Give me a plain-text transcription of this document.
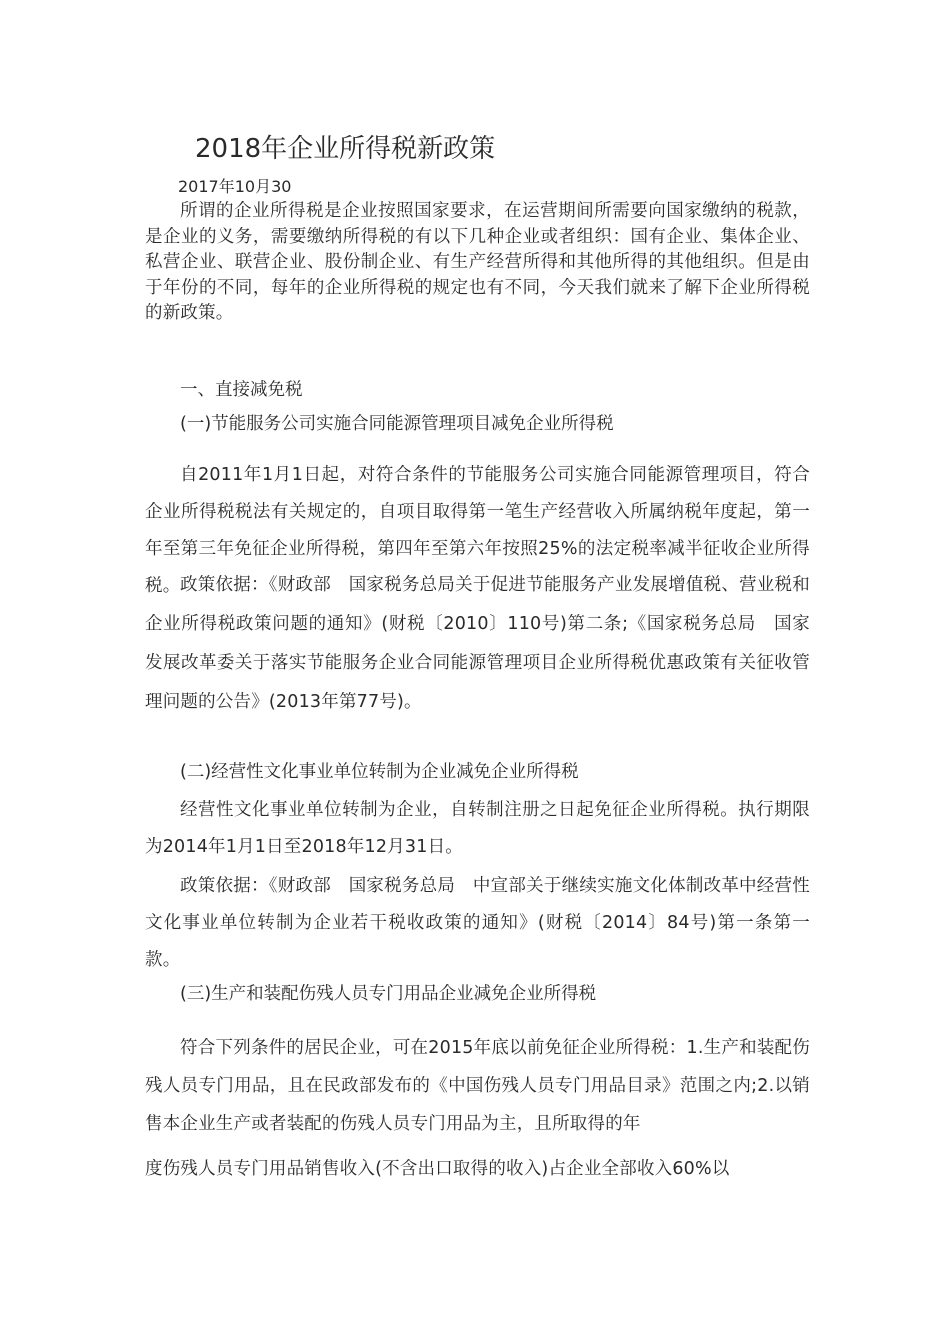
2018年企业所得税新政策
2017年10月30

所谓的企业所得税是企业按照国家要求，在运营期间所需要向国家缴纳的税款，是企业的义务，需要缴纳所得税的有以下几种企业或者组织：国有企业、集体企业、私营企业、联营企业、股份制企业、有生产经营所得和其他所得的其他组织。但是由于年份的不同，每年的企业所得税的规定也有不同，今天我们就来了解下企业所得税的新政策。

一、直接减免税

(一)节能服务公司实施合同能源管理项目减免企业所得税

自2011年1月1日起，对符合条件的节能服务公司实施合同能源管理项目，符合企业所得税税法有关规定的，自项目取得第一笔生产经营收入所属纳税年度起，第一年至第三年免征企业所得税，第四年至第六年按照25%的法定税率减半征收企业所得税。 政策依据：《财政部　国家税务总局关于促进节能服务产业发展增值税、营业税和企业所得税政策问题的通知》(财税〔2010〕110号)第二条;《国家税务总局　国家发展改革委关于落实节能服务企业合同能源管理项目企业所得税优惠政策有关征收管理问题的公告》(2013年第77号)。

(二)经营性文化事业单位转制为企业减免企业所得税

经营性文化事业单位转制为企业，自转制注册之日起免征企业所得税。执行期限为2014年1月1日至2018年12月31日。

政策依据：《财政部　国家税务总局　中宣部关于继续实施文化体制改革中经营性文化事业单位转制为企业若干税收政策的通知》(财税〔2014〕84号)第一条第一款。

(三)生产和装配伤残人员专门用品企业减免企业所得税

符合下列条件的居民企业，可在2015年底以前免征企业所得税：1.生产和装配伤残人员专门用品，且在民政部发布的《中国伤残人员专门用品目录》范围之内;2.以销售本企业生产或者装配的伤残人员专门用品为主，且所取得的年

度伤残人员专门用品销售收入(不含出口取得的收入)占企业全部收入60%以
